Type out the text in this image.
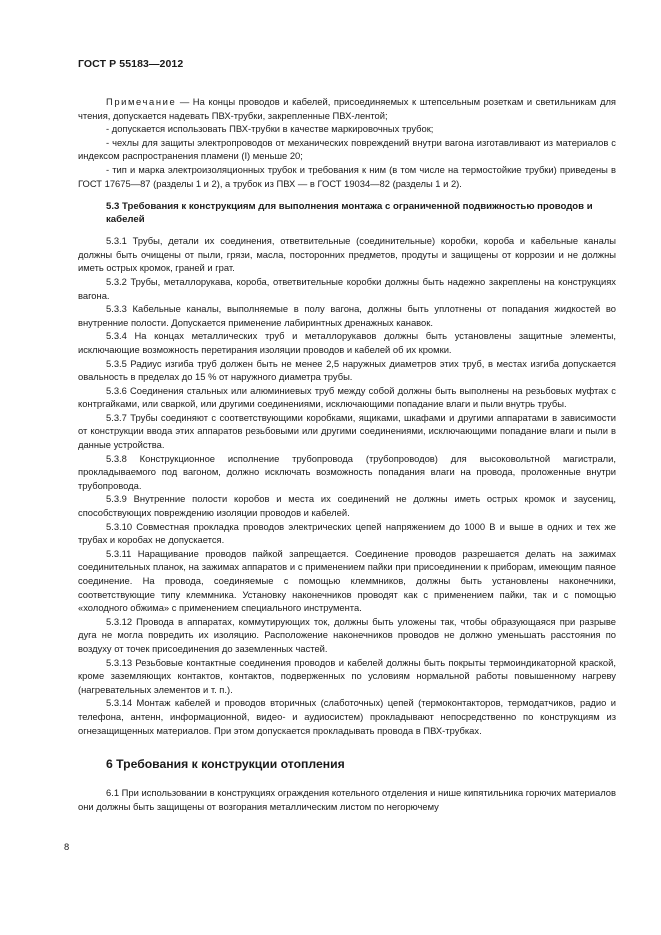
ГОСТ Р 55183—2012

Примечание — На концы проводов и кабелей, присоединяемых к штепсельным розеткам и светильникам для чтения, допускается надевать ПВХ-трубки, закрепленные ПВХ-лентой;

- допускается использовать ПВХ-трубки в качестве маркировочных трубок;

- чехлы для защиты электропроводов от механических повреждений внутри вагона изготавливают из материалов с индексом распространения пламени (I) меньше 20;

- тип и марка электроизоляционных трубок и требования к ним (в том числе на термостойкие трубки) приведены в ГОСТ 17675—87 (разделы 1 и 2), а трубок из ПВХ — в ГОСТ 19034—82 (разделы 1 и 2).

5.3 Требования к конструкциям для выполнения монтажа с ограниченной подвижностью проводов и кабелей

5.3.1 Трубы, детали их соединения, ответвительные (соединительные) коробки, короба и кабельные каналы должны быть очищены от пыли, грязи, масла, посторонних предметов, продуты и защищены от коррозии и не должны иметь острых кромок, граней и грат.

5.3.2 Трубы, металлорукава, короба, ответвительные коробки должны быть надежно закреплены на конструкциях вагона.

5.3.3 Кабельные каналы, выполняемые в полу вагона, должны быть уплотнены от попадания жидкостей во внутренние полости. Допускается применение лабиринтных дренажных канавок.

5.3.4 На концах металлических труб и металлорукавов должны быть установлены защитные элементы, исключающие возможность перетирания изоляции проводов и кабелей об их кромки.

5.3.5 Радиус изгиба труб должен быть не менее 2,5 наружных диаметров этих труб, в местах изгиба допускается овальность в пределах до 15 % от наружного диаметра трубы.

5.3.6 Соединения стальных или алюминиевых труб между собой должны быть выполнены на резьбовых муфтах с контргайками, или сваркой, или другими соединениями, исключающими попадание влаги и пыли внутрь трубы.

5.3.7 Трубы соединяют с соответствующими коробками, ящиками, шкафами и другими аппаратами в зависимости от конструкции ввода этих аппаратов резьбовыми или другими соединениями, исключающими попадание влаги и пыли в данные устройства.

5.3.8 Конструкционное исполнение трубопровода (трубопроводов) для высоковольтной магистрали, прокладываемого под вагоном, должно исключать возможность попадания влаги на провода, проложенные внутри трубопровода.

5.3.9 Внутренние полости коробов и места их соединений не должны иметь острых кромок и заусениц, способствующих повреждению изоляции проводов и кабелей.

5.3.10 Совместная прокладка проводов электрических цепей напряжением до 1000 В и выше в одних и тех же трубах и коробах не допускается.

5.3.11 Наращивание проводов пайкой запрещается. Соединение проводов разрешается делать на зажимах соединительных планок, на зажимах аппаратов и с применением пайки при присоединении к приборам, имеющим паяное соединение. На провода, соединяемые с помощью клеммников, должны быть установлены наконечники, соответствующие типу клеммника. Установку наконечников проводят как с применением пайки, так и с помощью «холодного обжима» с применением специального инструмента.

5.3.12 Провода в аппаратах, коммутирующих ток, должны быть уложены так, чтобы образующаяся при разрыве дуга не могла повредить их изоляцию. Расположение наконечников проводов не должно уменьшать расстояния по воздуху от точек присоединения до заземленных частей.

5.3.13 Резьбовые контактные соединения проводов и кабелей должны быть покрыты термоиндикаторной краской, кроме заземляющих контактов, контактов, подверженных по условиям нормальной работы повышенному нагреву (нагревательных элементов и т. п.).

5.3.14 Монтаж кабелей и проводов вторичных (слаботочных) цепей (термоконтакторов, термодатчиков, радио и телефона, антенн, информационной, видео- и аудиосистем) прокладывают непосредственно по конструкциям из огнезащищенных материалов. При этом допускается прокладывать провода в ПВХ-трубках.

6 Требования к конструкции отопления

6.1 При использовании в конструкциях ограждения котельного отделения и нише кипятильника горючих материалов они должны быть защищены от возгорания металлическим листом по негорючему

8
